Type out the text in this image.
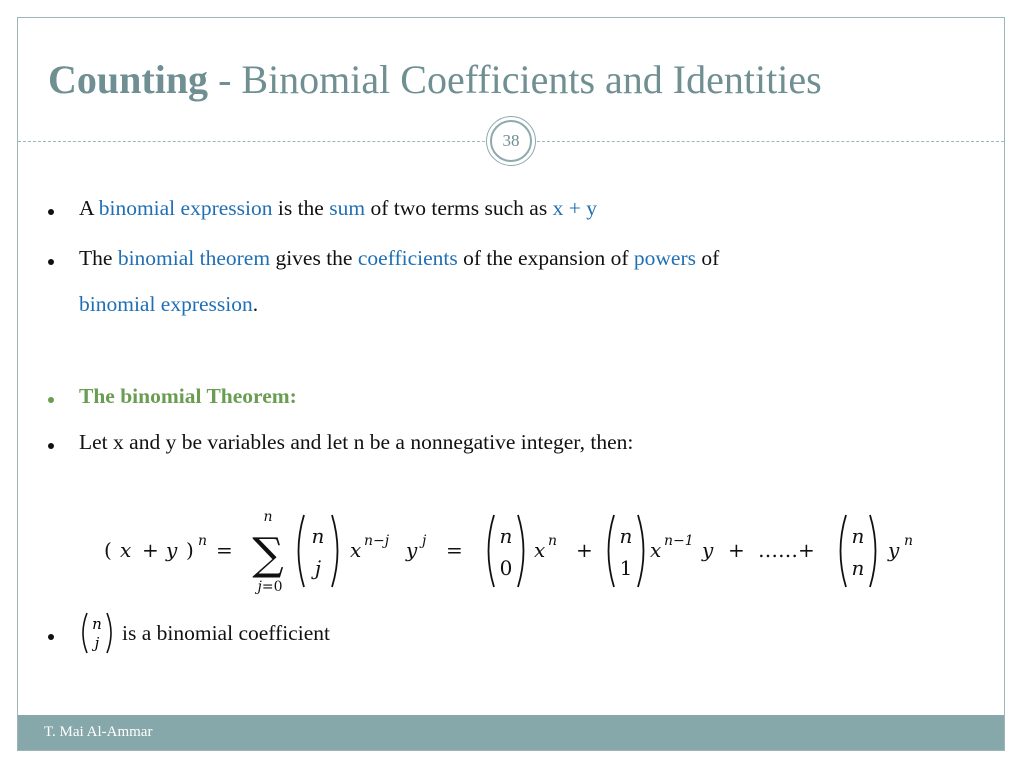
Counting - Binomial Coefficients and Identities
38
A binomial expression is the sum of two terms such as x + y
The binomial theorem gives the coefficients of the expansion of powers of
binomial expression.
The binomial Theorem:
Let x and y be variables and let n be a nonnegative integer, then:
n
j is a binomial coefficient
( x + y ) n =
n
∑
j=0
n
j
x n−j y j =
n
0
x n +
n
1
x n−1 y + ……+
n
n
y n
T. Mai Al-Ammar
